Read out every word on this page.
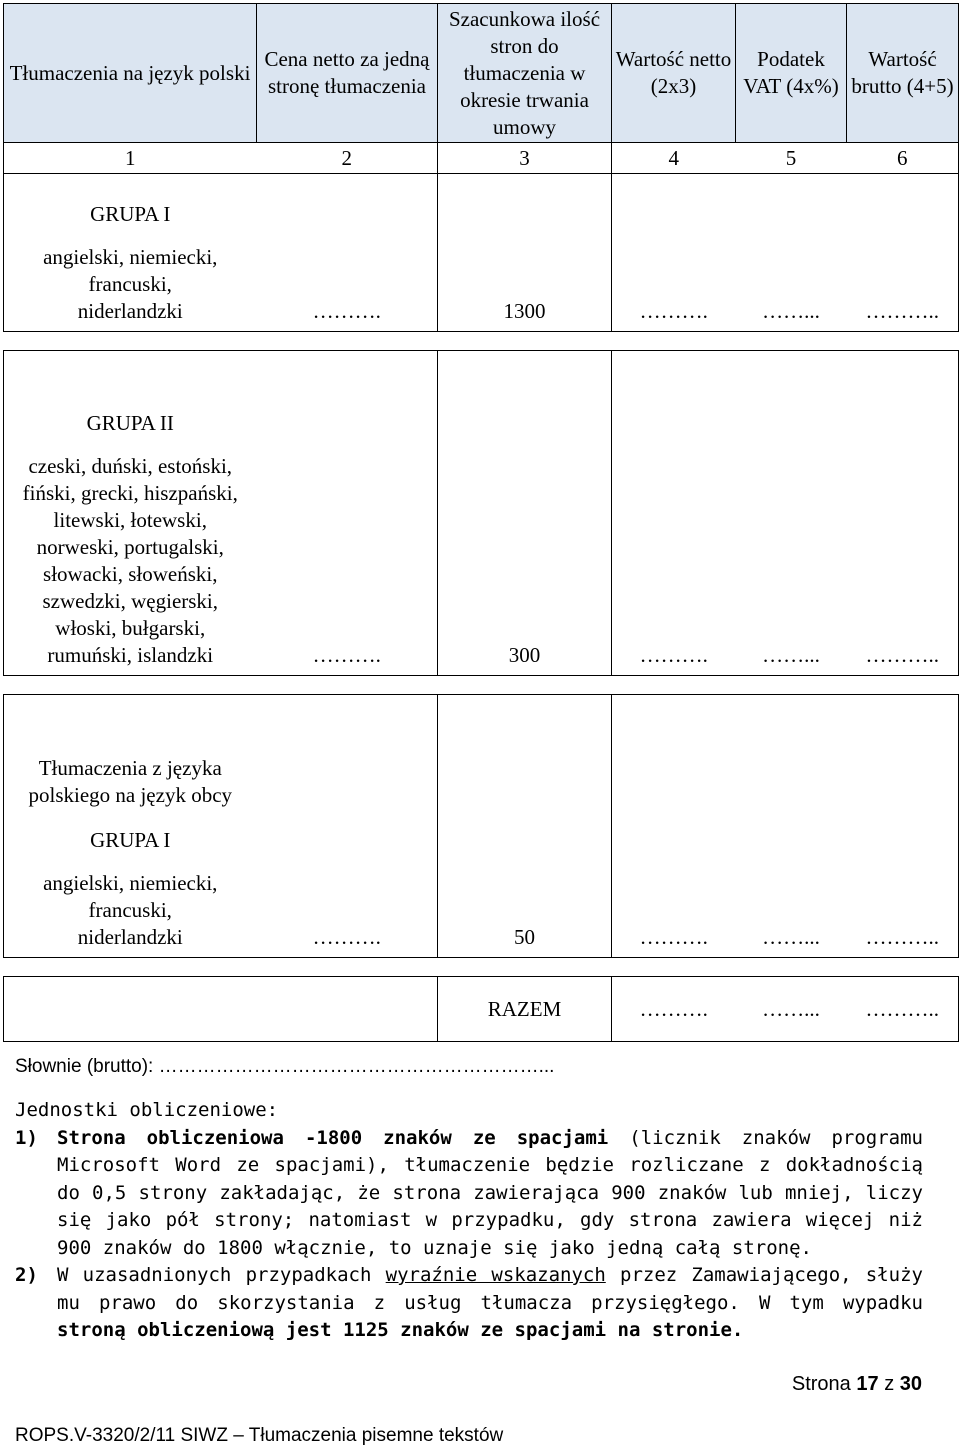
Tłumaczenia na język polski	Cena netto za jedną stronę tłumaczenia	Szacunkowa ilość stron do tłumaczenia w okresie trwania umowy	Wartość netto (2x3)	Podatek VAT (4x%)	Wartość brutto (4+5)
1	2	3	4	5	6

GRUPA I
angielski, niemiecki, francuski, niderlandzki	……….	1300	……….	……...	………..

GRUPA II
czeski, duński, estoński, fiński, grecki, hiszpański, litewski, łotewski, norweski, portugalski, słowacki, słoweński, szwedzki, węgierski, włoski, bułgarski, rumuński, islandzki	……….	300	……….	……...	………..

Tłumaczenia z języka polskiego na język obcy
GRUPA I
angielski, niemiecki, francuski, niderlandzki	……….	50	……….	……...	………..

		RAZEM	……….	……...	………..
Słownie (brutto): ……………………………………………………...
Jednostki obliczeniowe:
1) Strona obliczeniowa -1800 znaków ze spacjami (licznik znaków programu Microsoft Word ze spacjami), tłumaczenie będzie rozliczane z dokładnością do 0,5 strony zakładając, że strona zawierająca 900 znaków lub mniej, liczy się jako pół strony; natomiast w przypadku, gdy strona zawiera więcej niż 900 znaków do 1800 włącznie, to uznaje się jako jedną całą stronę.
2) W uzasadnionych przypadkach wyraźnie wskazanych przez Zamawiającego, służy mu prawo do skorzystania z usług tłumacza przysięgłego. W tym wypadku stroną obliczeniową jest 1125 znaków ze spacjami na stronie.
Strona 17 z 30
ROPS.V-3320/2/11 SIWZ – Tłumaczenia pisemne tekstów
